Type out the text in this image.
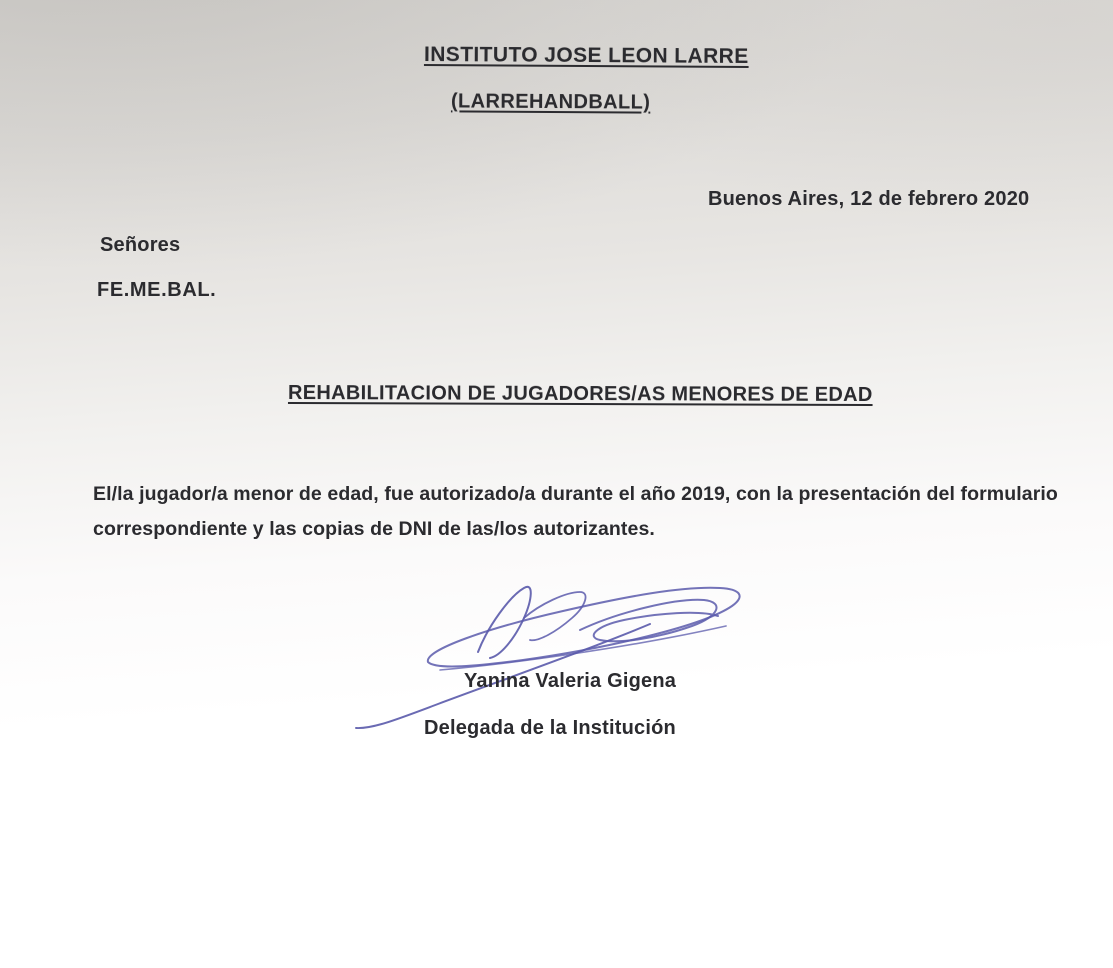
INSTITUTO JOSE LEON LARRE
(LARREHANDBALL)
Buenos Aires, 12 de febrero 2020
Señores
FE.ME.BAL.
REHABILITACION DE JUGADORES/AS MENORES DE EDAD
El/la jugador/a menor de edad, fue autorizado/a durante el año 2019, con la presentación del formulario correspondiente y las copias de DNI de las/los autorizantes.
Yanina Valeria Gigena
Delegada de la Institución
